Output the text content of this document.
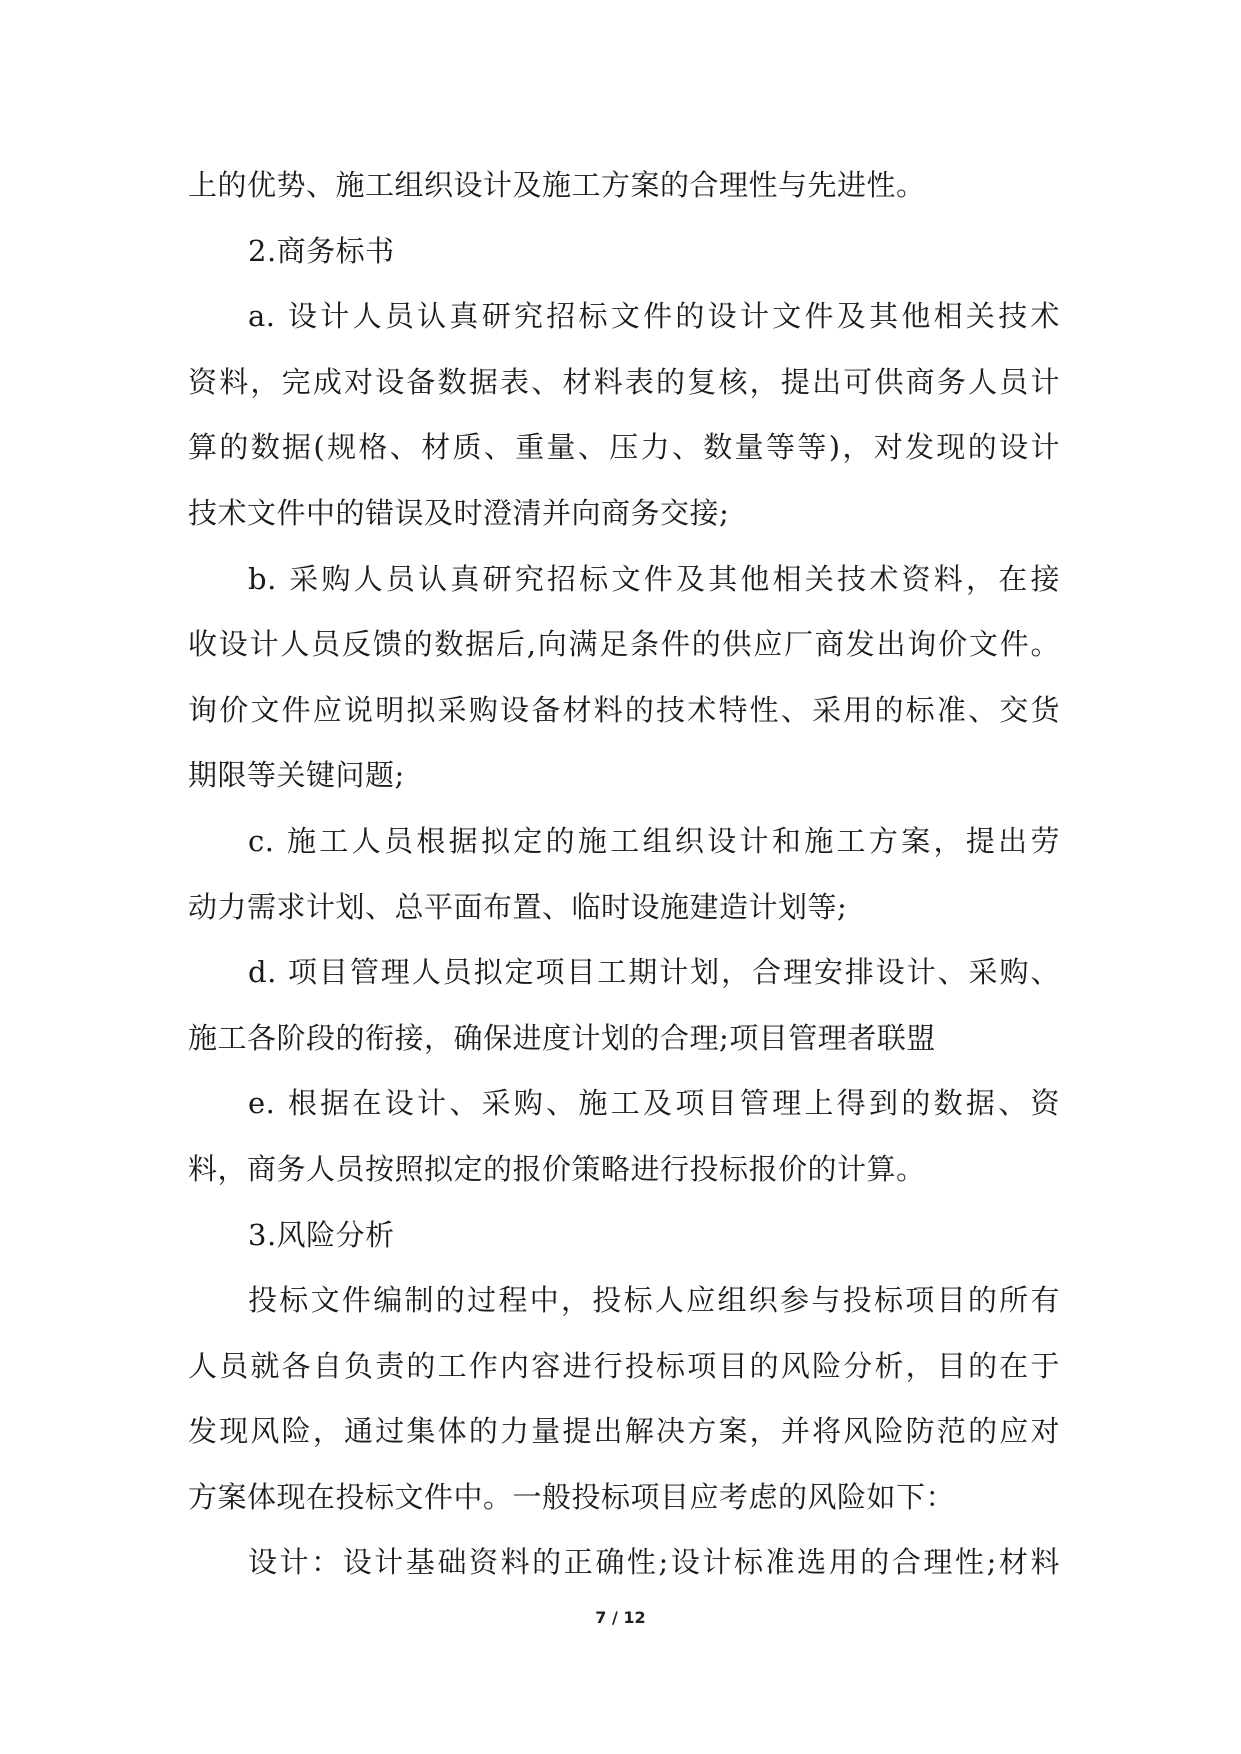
上的优势、施工组织设计及施工方案的合理性与先进性。
2.商务标书
a. 设计人员认真研究招标文件的设计文件及其他相关技术
资料，完成对设备数据表、材料表的复核，提出可供商务人员计
算的数据(规格、材质、重量、压力、数量等等)，对发现的设计
技术文件中的错误及时澄清并向商务交接;
b. 采购人员认真研究招标文件及其他相关技术资料，在接
收设计人员反馈的数据后,向满足条件的供应厂商发出询价文件。
询价文件应说明拟采购设备材料的技术特性、采用的标准、交货
期限等关键问题;
c. 施工人员根据拟定的施工组织设计和施工方案，提出劳
动力需求计划、总平面布置、临时设施建造计划等;
d. 项目管理人员拟定项目工期计划，合理安排设计、采购、
施工各阶段的衔接，确保进度计划的合理;项目管理者联盟
e. 根据在设计、采购、施工及项目管理上得到的数据、资
料，商务人员按照拟定的报价策略进行投标报价的计算。
3.风险分析
投标文件编制的过程中，投标人应组织参与投标项目的所有
人员就各自负责的工作内容进行投标项目的风险分析，目的在于
发现风险，通过集体的力量提出解决方案，并将风险防范的应对
方案体现在投标文件中。一般投标项目应考虑的风险如下：
设计：设计基础资料的正确性;设计标准选用的合理性;材料
7 / 12
